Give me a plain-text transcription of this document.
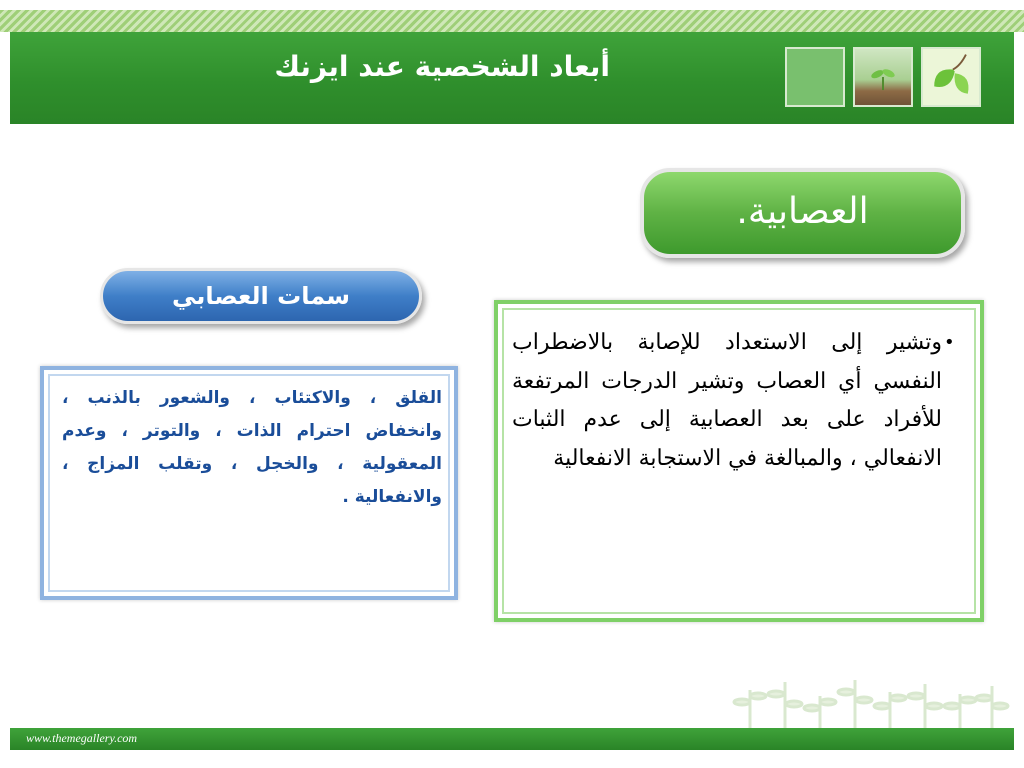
أبعاد الشخصية عند ايزنك
العصابية.
سمات العصابي
وتشير إلى الاستعداد للإصابة بالاضطراب النفسي أي العصاب وتشير الدرجات المرتفعة للأفراد على بعد العصابية إلى عدم الثبات الانفعالي ، والمبالغة في الاستجابة الانفعالية
•
القلق ، والاكتئاب ، والشعور بالذنب ، وانخفاض احترام الذات ، والتوتر ، وعدم المعقولية ، والخجل ، وتقلب المزاج ، والانفعالية .
www.themegallery.com
